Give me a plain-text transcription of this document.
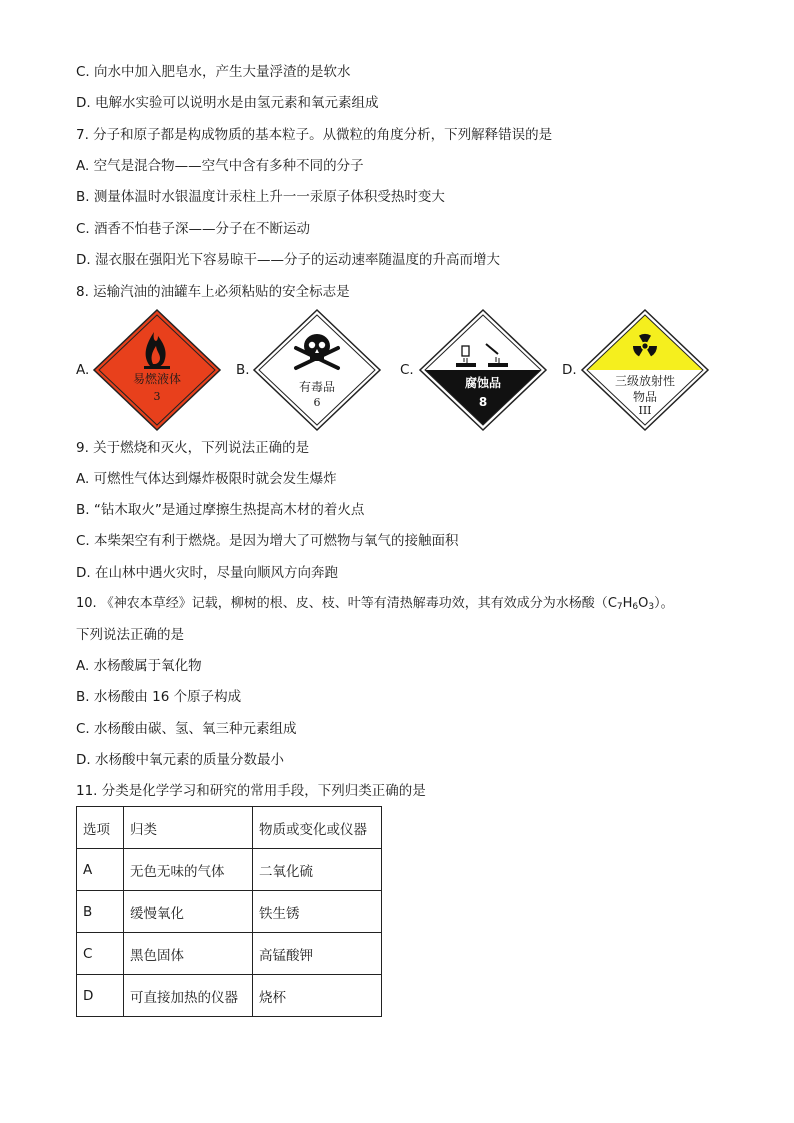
C. 向水中加入肥皂水，产生大量浮渣的是软水
D. 电解水实验可以说明水是由氢元素和氧元素组成
7. 分子和原子都是构成物质的基本粒子。从微粒的角度分析，下列解释错误的是
A. 空气是混合物——空气中含有多种不同的分子
B. 测量体温时水银温度计汞柱上升一一汞原子体积受热时变大
C. 酒香不怕巷子深——分子在不断运动
D. 湿衣服在强阳光下容易晾干——分子的运动速率随温度的升高而增大
8. 运输汽油的油罐车上必须粘贴的安全标志是
A.
易燃液体
3
B.
有毒品
6
C.
腐蚀品
8
D.
三级放射性
物品
III
9. 关于燃烧和灭火，下列说法正确的是
A. 可燃性气体达到爆炸极限时就会发生爆炸
B. “钻木取火”是通过摩擦生热提高木材的着火点
C. 本柴架空有利于燃烧。是因为增大了可燃物与氧气的接触面积
D. 在山林中遇火灾时，尽量向顺风方向奔跑
10. 《神农本草经》记载，柳树的根、皮、枝、叶等有清热解毒功效，其有效成分为水杨酸$(C_7H_6O_3)$。
下列说法正确的是
A. 水杨酸属于氧化物
B. 水杨酸由 16 个原子构成
C. 水杨酸由碳、氢、氧三种元素组成
D. 水杨酸中氧元素的质量分数最小
11. 分类是化学学习和研究的常用手段，下列归类正确的是
选项	归类	物质或变化或仪器
A	无色无味的气体	二氧化硫
B	缓慢氧化	铁生锈
C	黑色固体	高锰酸钾
D	可直接加热的仪器	烧杯
